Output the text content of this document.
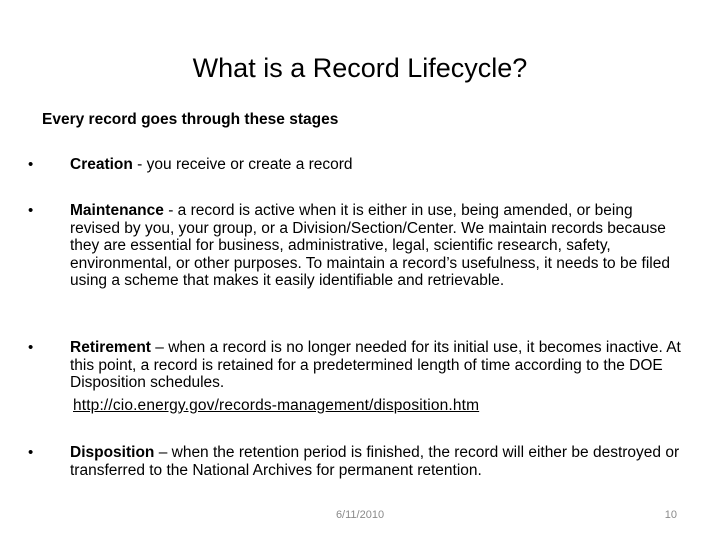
What is a Record Lifecycle?
Every record goes through these stages
•	Creation - you receive or create a record
•	Maintenance - a record is active when it is either in use, being amended, or being revised by you, your group, or a Division/Section/Center. We maintain records because they are essential for business, administrative, legal, scientific research, safety, environmental, or other purposes. To maintain a record’s usefulness, it needs to be filed using a scheme that makes it easily identifiable and retrievable.
•	Retirement – when a record is no longer needed for its initial use, it becomes inactive. At this point, a record is retained for a predetermined length of time according to the DOE Disposition schedules.
http://cio.energy.gov/records-management/disposition.htm
•	Disposition – when the retention period is finished, the record will either be destroyed or transferred to the National Archives for permanent retention.
6/11/2010	10
